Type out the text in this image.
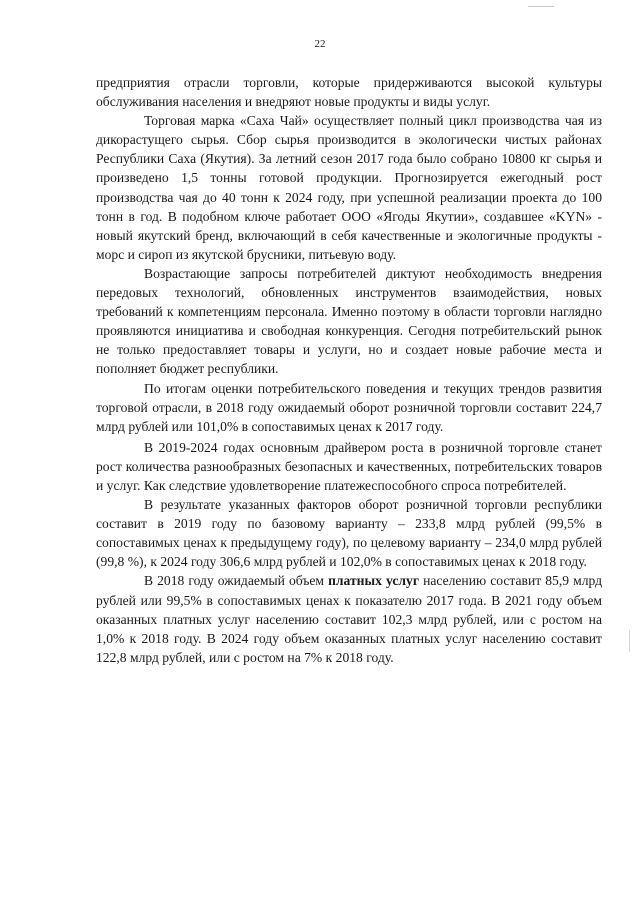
22

предприятия отрасли торговли, которые придерживаются высокой культуры обслуживания населения и внедряют новые продукты и виды услуг.

Торговая марка «Саха Чай» осуществляет полный цикл производства чая из дикорастущего сырья. Сбор сырья производится в экологически чистых районах Республики Саха (Якутия). За летний сезон 2017 года было собрано 10800 кг сырья и произведено 1,5 тонны готовой продукции. Прогнозируется ежегодный рост производства чая до 40 тонн к 2024 году, при успешной реализации проекта до 100 тонн в год. В подобном ключе работает ООО «Ягоды Якутии», создавшее «KYN» - новый якутский бренд, включающий в себя качественные и экологичные продукты - морс и сироп из якутской брусники, питьевую воду.

Возрастающие запросы потребителей диктуют необходимость внедрения передовых технологий, обновленных инструментов взаимодействия, новых требований к компетенциям персонала. Именно поэтому в области торговли наглядно проявляются инициатива и свободная конкуренция. Сегодня потребительский рынок не только предоставляет товары и услуги, но и создает новые рабочие места и пополняет бюджет республики.

По итогам оценки потребительского поведения и текущих трендов развития торговой отрасли, в 2018 году ожидаемый оборот розничной торговли составит 224,7 млрд рублей или 101,0% в сопоставимых ценах к 2017 году.

В 2019-2024 годах основным драйвером роста в розничной торговле станет рост количества разнообразных безопасных и качественных, потребительских товаров и услуг. Как следствие удовлетворение платежеспособного спроса потребителей.

В результате указанных факторов оборот розничной торговли республики составит в 2019 году по базовому варианту – 233,8 млрд рублей (99,5% в сопоставимых ценах к предыдущему году), по целевому варианту – 234,0 млрд рублей (99,8 %), к 2024 году 306,6 млрд рублей и 102,0% в сопоставимых ценах к 2018 году.

В 2018 году ожидаемый объем платных услуг населению составит 85,9 млрд рублей или 99,5% в сопоставимых ценах к показателю 2017 года. В 2021 году объем оказанных платных услуг населению составит 102,3 млрд рублей, или с ростом на 1,0% к 2018 году. В 2024 году объем оказанных платных услуг населению составит 122,8 млрд рублей, или с ростом на 7% к 2018 году.
